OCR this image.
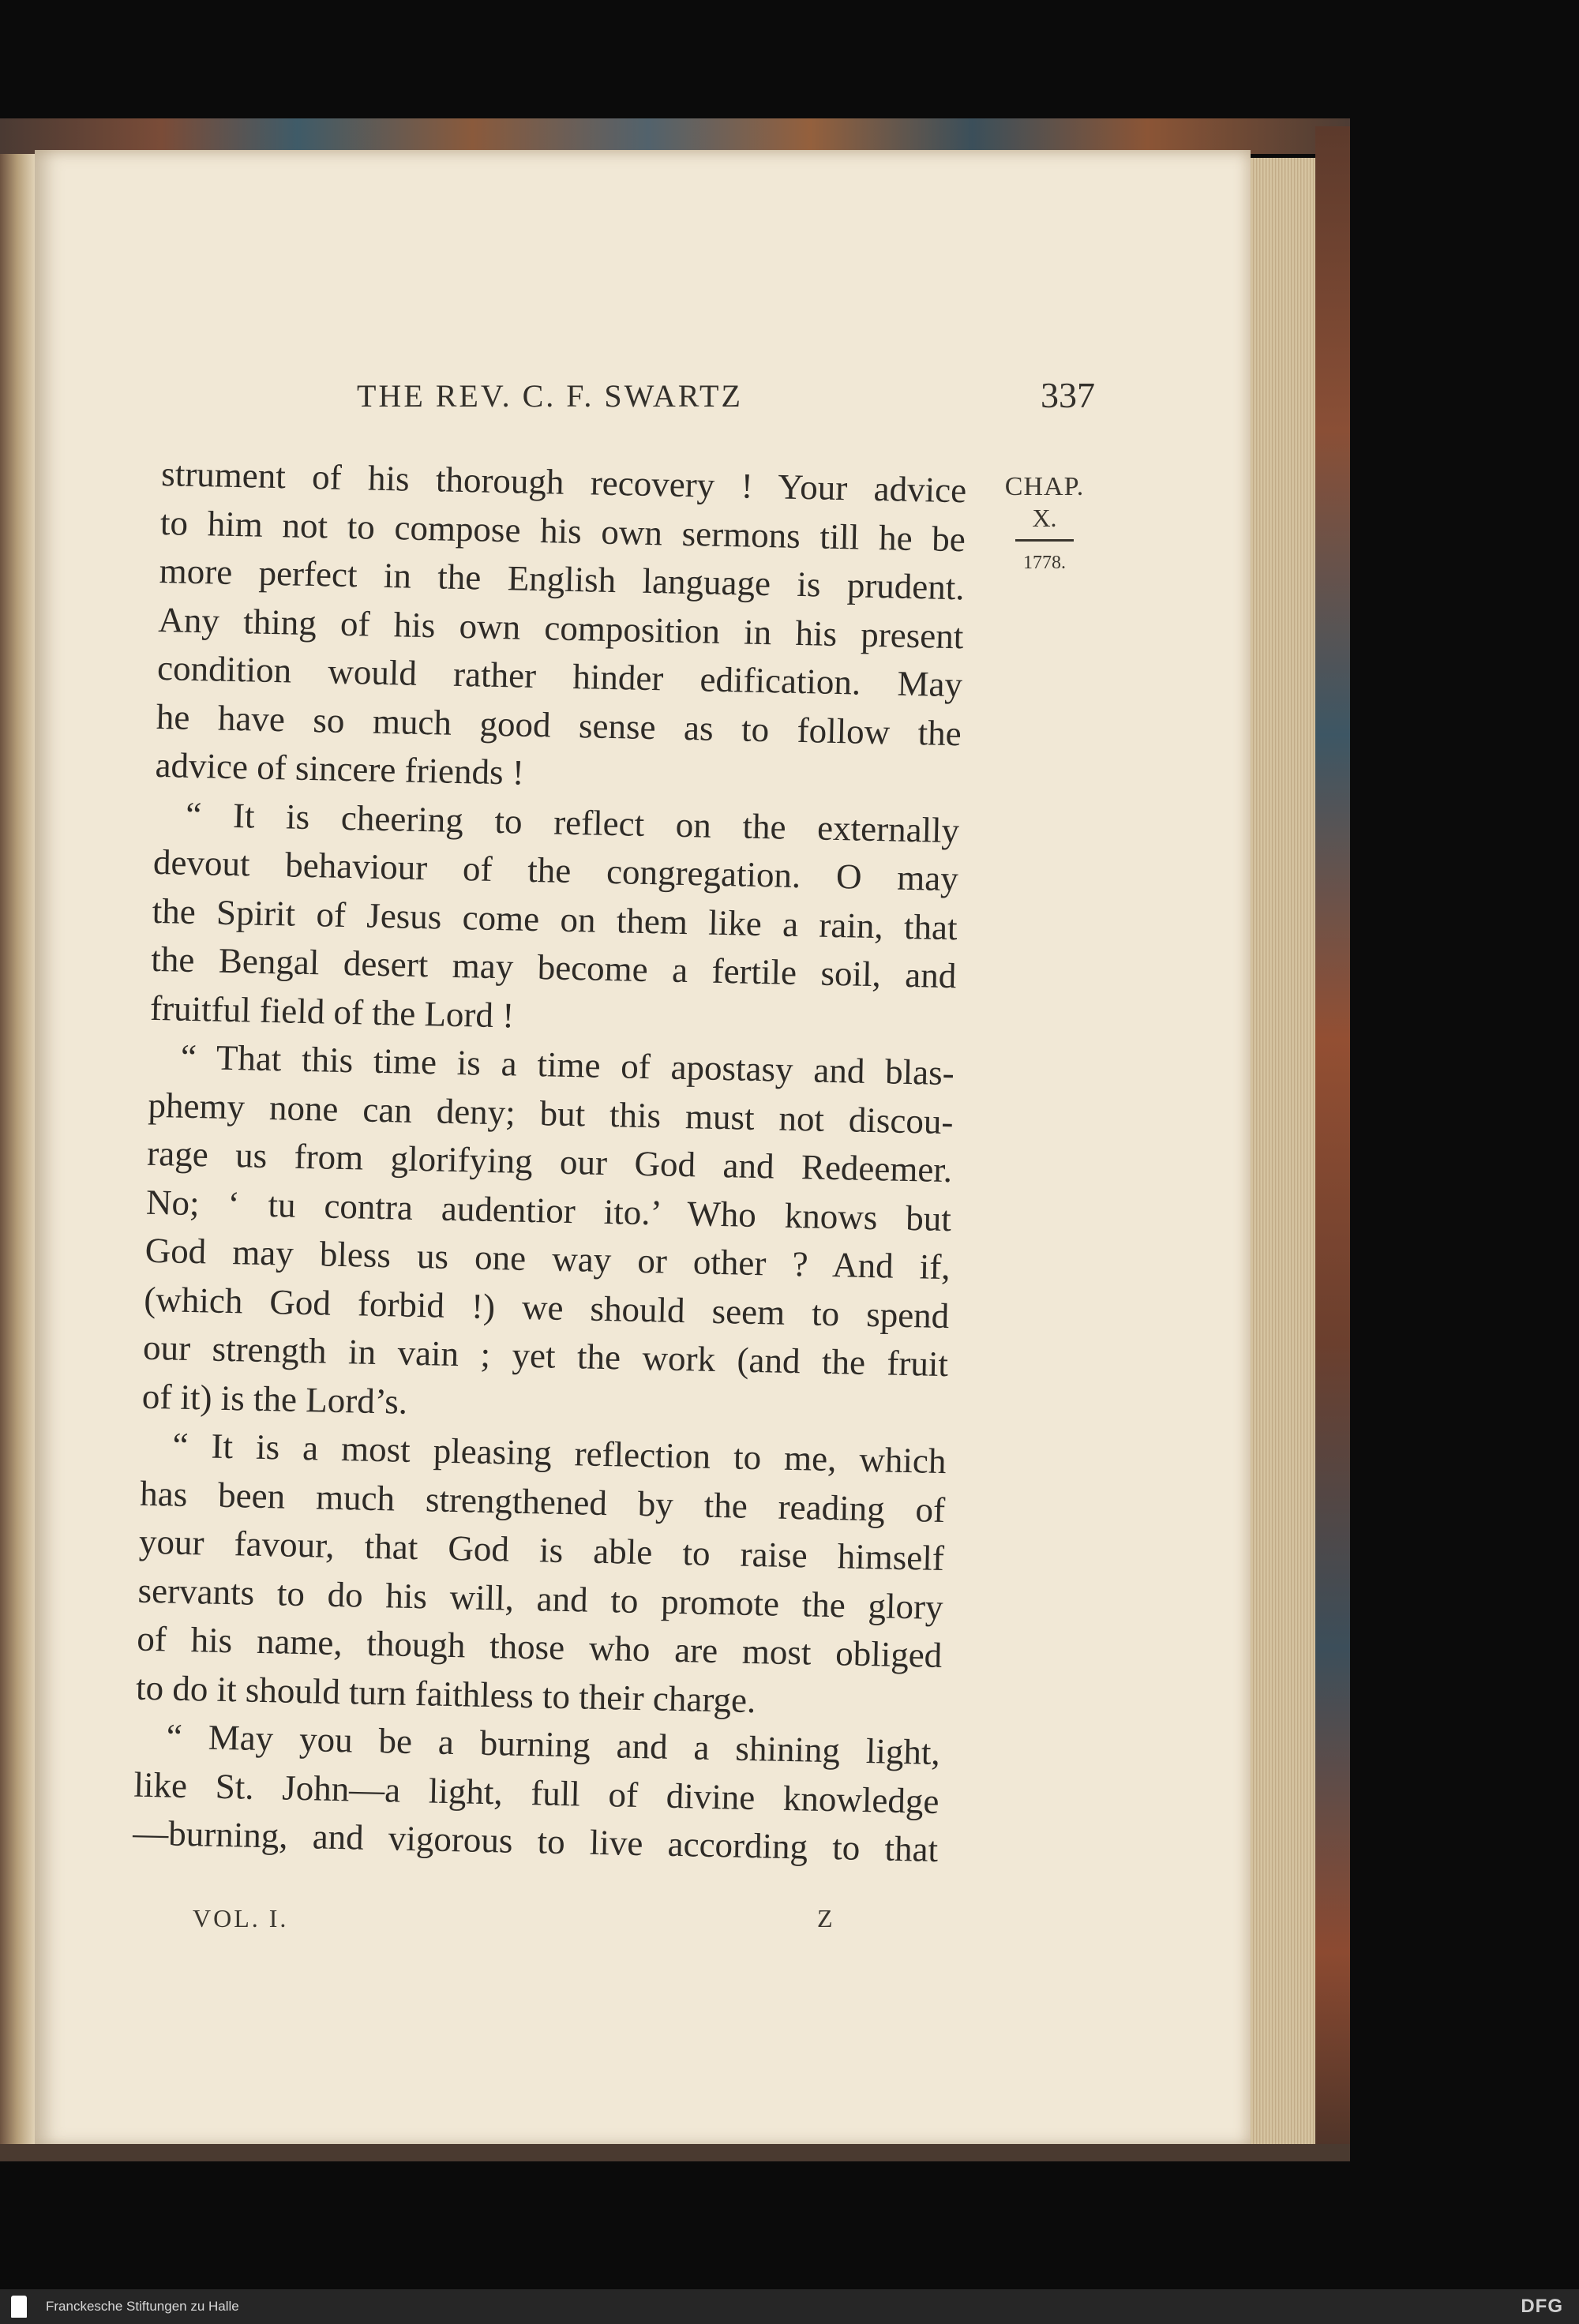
THE REV. C. F. SWARTZ	337
CHAP.
X.
1778.
strument of his thorough recovery ! Your advice
to him not to compose his own sermons till he be
more perfect in the English language is prudent.
Any thing of his own composition in his present
condition would rather hinder edification. May
he have so much good sense as to follow the
advice of sincere friends !
“ It is cheering to reflect on the externally
devout behaviour of the congregation. O may
the Spirit of Jesus come on them like a rain, that
the Bengal desert may become a fertile soil, and
fruitful field of the Lord !
“ That this time is a time of apostasy and blas-
phemy none can deny; but this must not discou-
rage us from glorifying our God and Redeemer.
No; ‘ tu contra audentior ito.’ Who knows but
God may bless us one way or other ? And if,
(which God forbid !) we should seem to spend
our strength in vain ; yet the work (and the fruit
of it) is the Lord’s.
“ It is a most pleasing reflection to me, which
has been much strengthened by the reading of
your favour, that God is able to raise himself
servants to do his will, and to promote the glory
of his name, though those who are most obliged
to do it should turn faithless to their charge.
“ May you be a burning and a shining light,
like St. John—a light, full of divine knowledge
—burning, and vigorous to live according to that
VOL. I.	Z
Franckesche Stiftungen zu Halle	DFG
